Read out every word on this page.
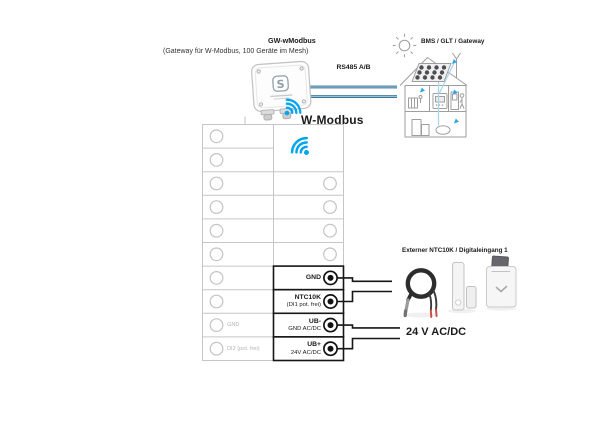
S
GW-wModbus
(Gateway für W-Modbus, 100 Geräte im Mesh)
RS485 A/B
W-Modbus
BMS / GLT / Gateway
Externer NTC10K / Digitaleingang 1
24 V AC/DC
GND
DI2 (pot. frei)
GND
NTC10K
(DI1 pot. frei)
UB-
GND AC/DC
UB+
24V AC/DC
